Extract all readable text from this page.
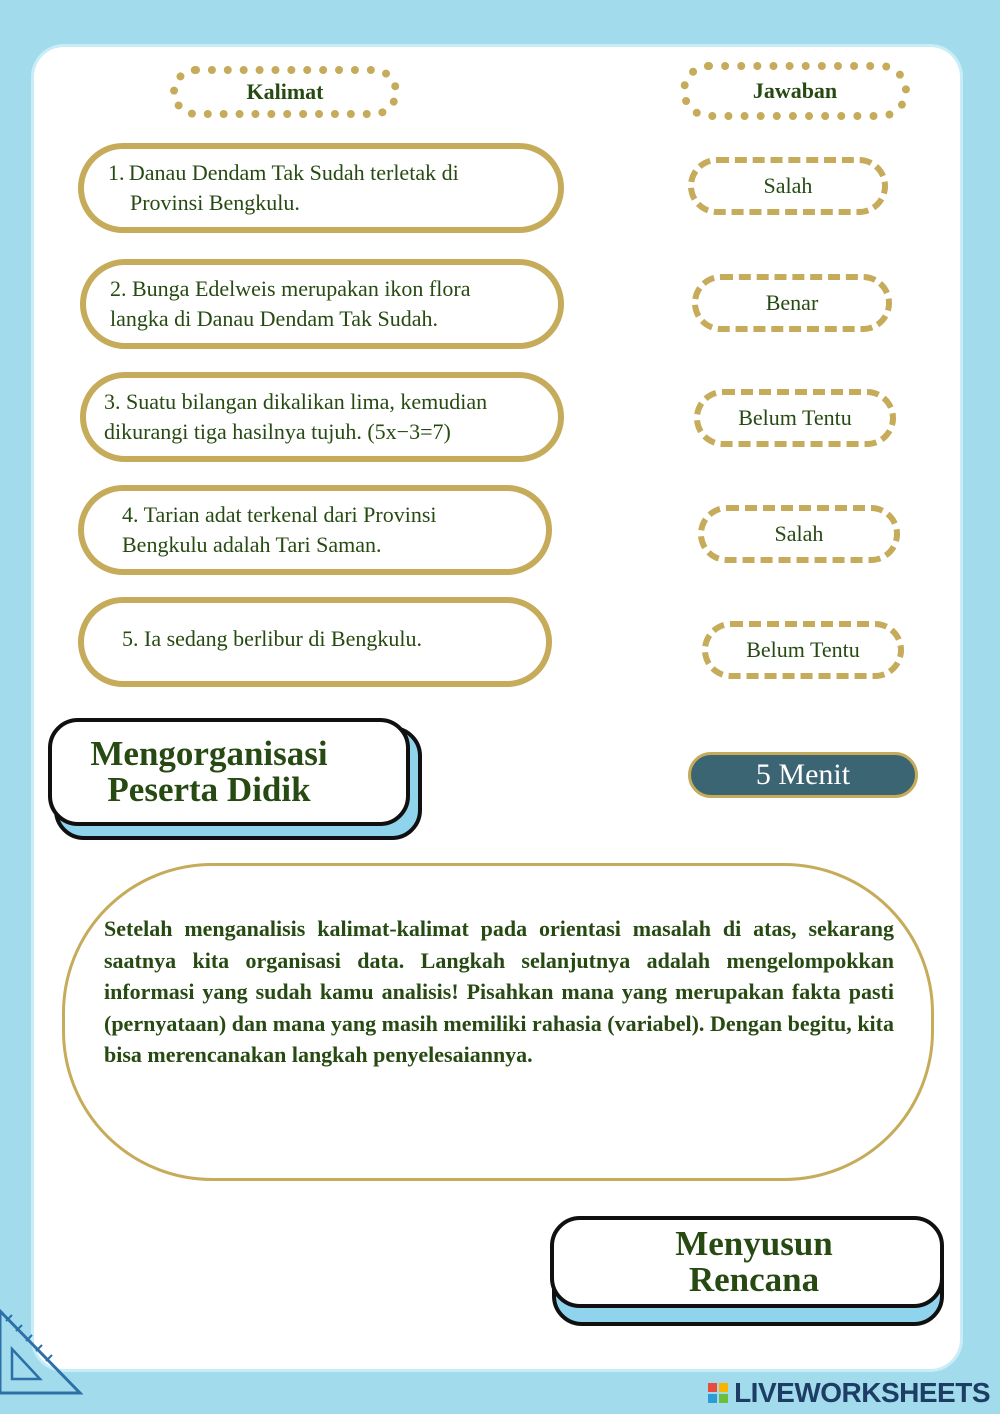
Kalimat	Jawaban
1. Danau Dendam Tak Sudah terletak di
  Provinsi Bengkulu.
2. Bunga Edelweis merupakan ikon flora
langka di Danau Dendam Tak Sudah.
3. Suatu bilangan dikalikan lima, kemudian
dikurangi tiga hasilnya tujuh. (5x−3=7)
4. Tarian adat terkenal dari Provinsi
Bengkulu adalah Tari Saman.
5. Ia sedang berlibur di Bengkulu.
Salah
Benar
Belum Tentu
Salah
Belum Tentu
Mengorganisasi
Peserta Didik	5 Menit
Setelah menganalisis kalimat-kalimat pada orientasi masalah di atas, sekarang saatnya kita organisasi data. Langkah selanjutnya adalah mengelompokkan informasi yang sudah kamu analisis! Pisahkan mana yang merupakan fakta pasti (pernyataan) dan mana yang masih memiliki rahasia (variabel). Dengan begitu, kita bisa merencanakan langkah penyelesaiannya.
Menyusun
Rencana
LIVEWORKSHEETS
